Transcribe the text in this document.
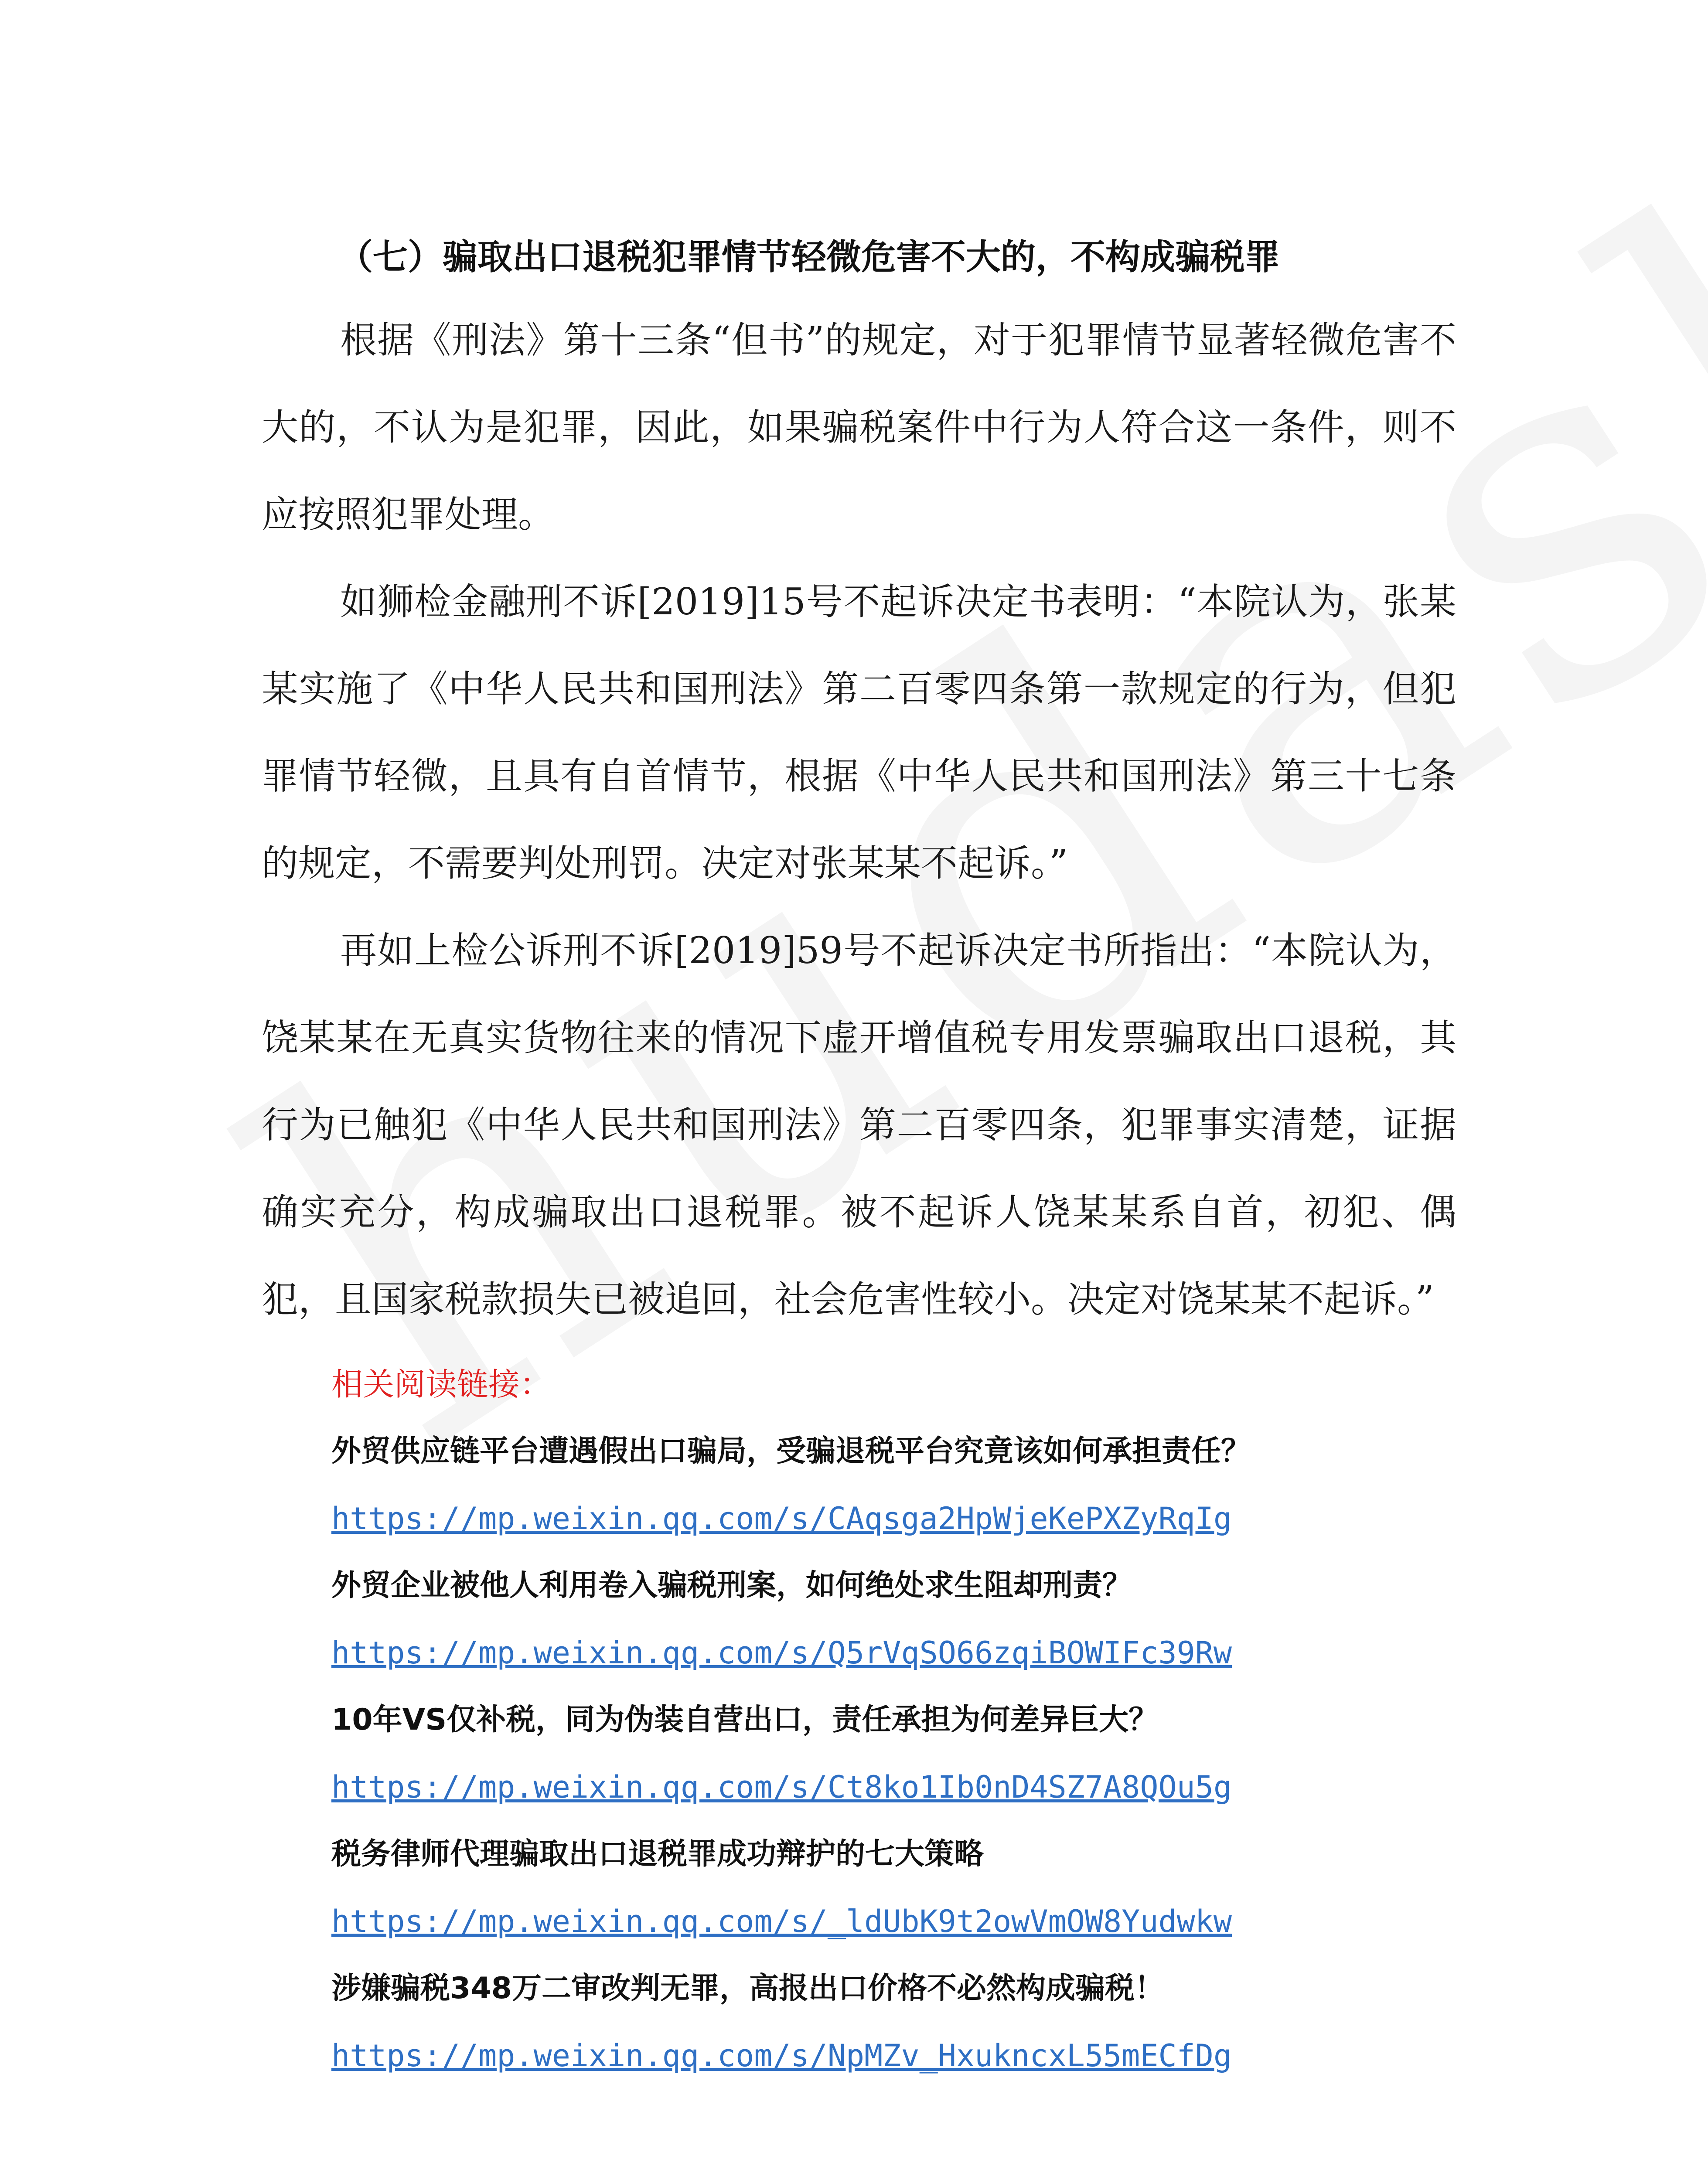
（七）骗取出口退税犯罪情节轻微危害不大的，不构成骗税罪

根据《刑法》第十三条“但书”的规定，对于犯罪情节显著轻微危害不大的，不认为是犯罪，因此，如果骗税案件中行为人符合这一条件，则不应按照犯罪处理。

如狮检金融刑不诉[2019]15号不起诉决定书表明：“本院认为，张某某实施了《中华人民共和国刑法》第二百零四条第一款规定的行为，但犯罪情节轻微，且具有自首情节，根据《中华人民共和国刑法》第三十七条的规定，不需要判处刑罚。决定对张某某不起诉。”

再如上检公诉刑不诉[2019]59号不起诉决定书所指出：“本院认为，饶某某在无真实货物往来的情况下虚开增值税专用发票骗取出口退税，其行为已触犯《中华人民共和国刑法》第二百零四条，犯罪事实清楚，证据确实充分，构成骗取出口退税罪。被不起诉人饶某某系自首，初犯、偶犯，且国家税款损失已被追回，社会危害性较小。决定对饶某某不起诉。”

相关阅读链接：
外贸供应链平台遭遇假出口骗局，受骗退税平台究竟该如何承担责任？
https://mp.weixin.qq.com/s/CAqsga2HpWjeKePXZyRqIg
外贸企业被他人利用卷入骗税刑案，如何绝处求生阻却刑责？
https://mp.weixin.qq.com/s/Q5rVqSO66zqiBOWIFc39Rw
10年VS仅补税，同为伪装自营出口，责任承担为何差异巨大？
https://mp.weixin.qq.com/s/Ct8ko1Ib0nD4SZ7A8QOu5g
税务律师代理骗取出口退税罪成功辩护的七大策略
https://mp.weixin.qq.com/s/_ldUbK9t2owVmOW8Yudwkw
涉嫌骗税348万二审改判无罪，高报出口价格不必然构成骗税！
https://mp.weixin.qq.com/s/NpMZv_HxukncxL55mECfDg
